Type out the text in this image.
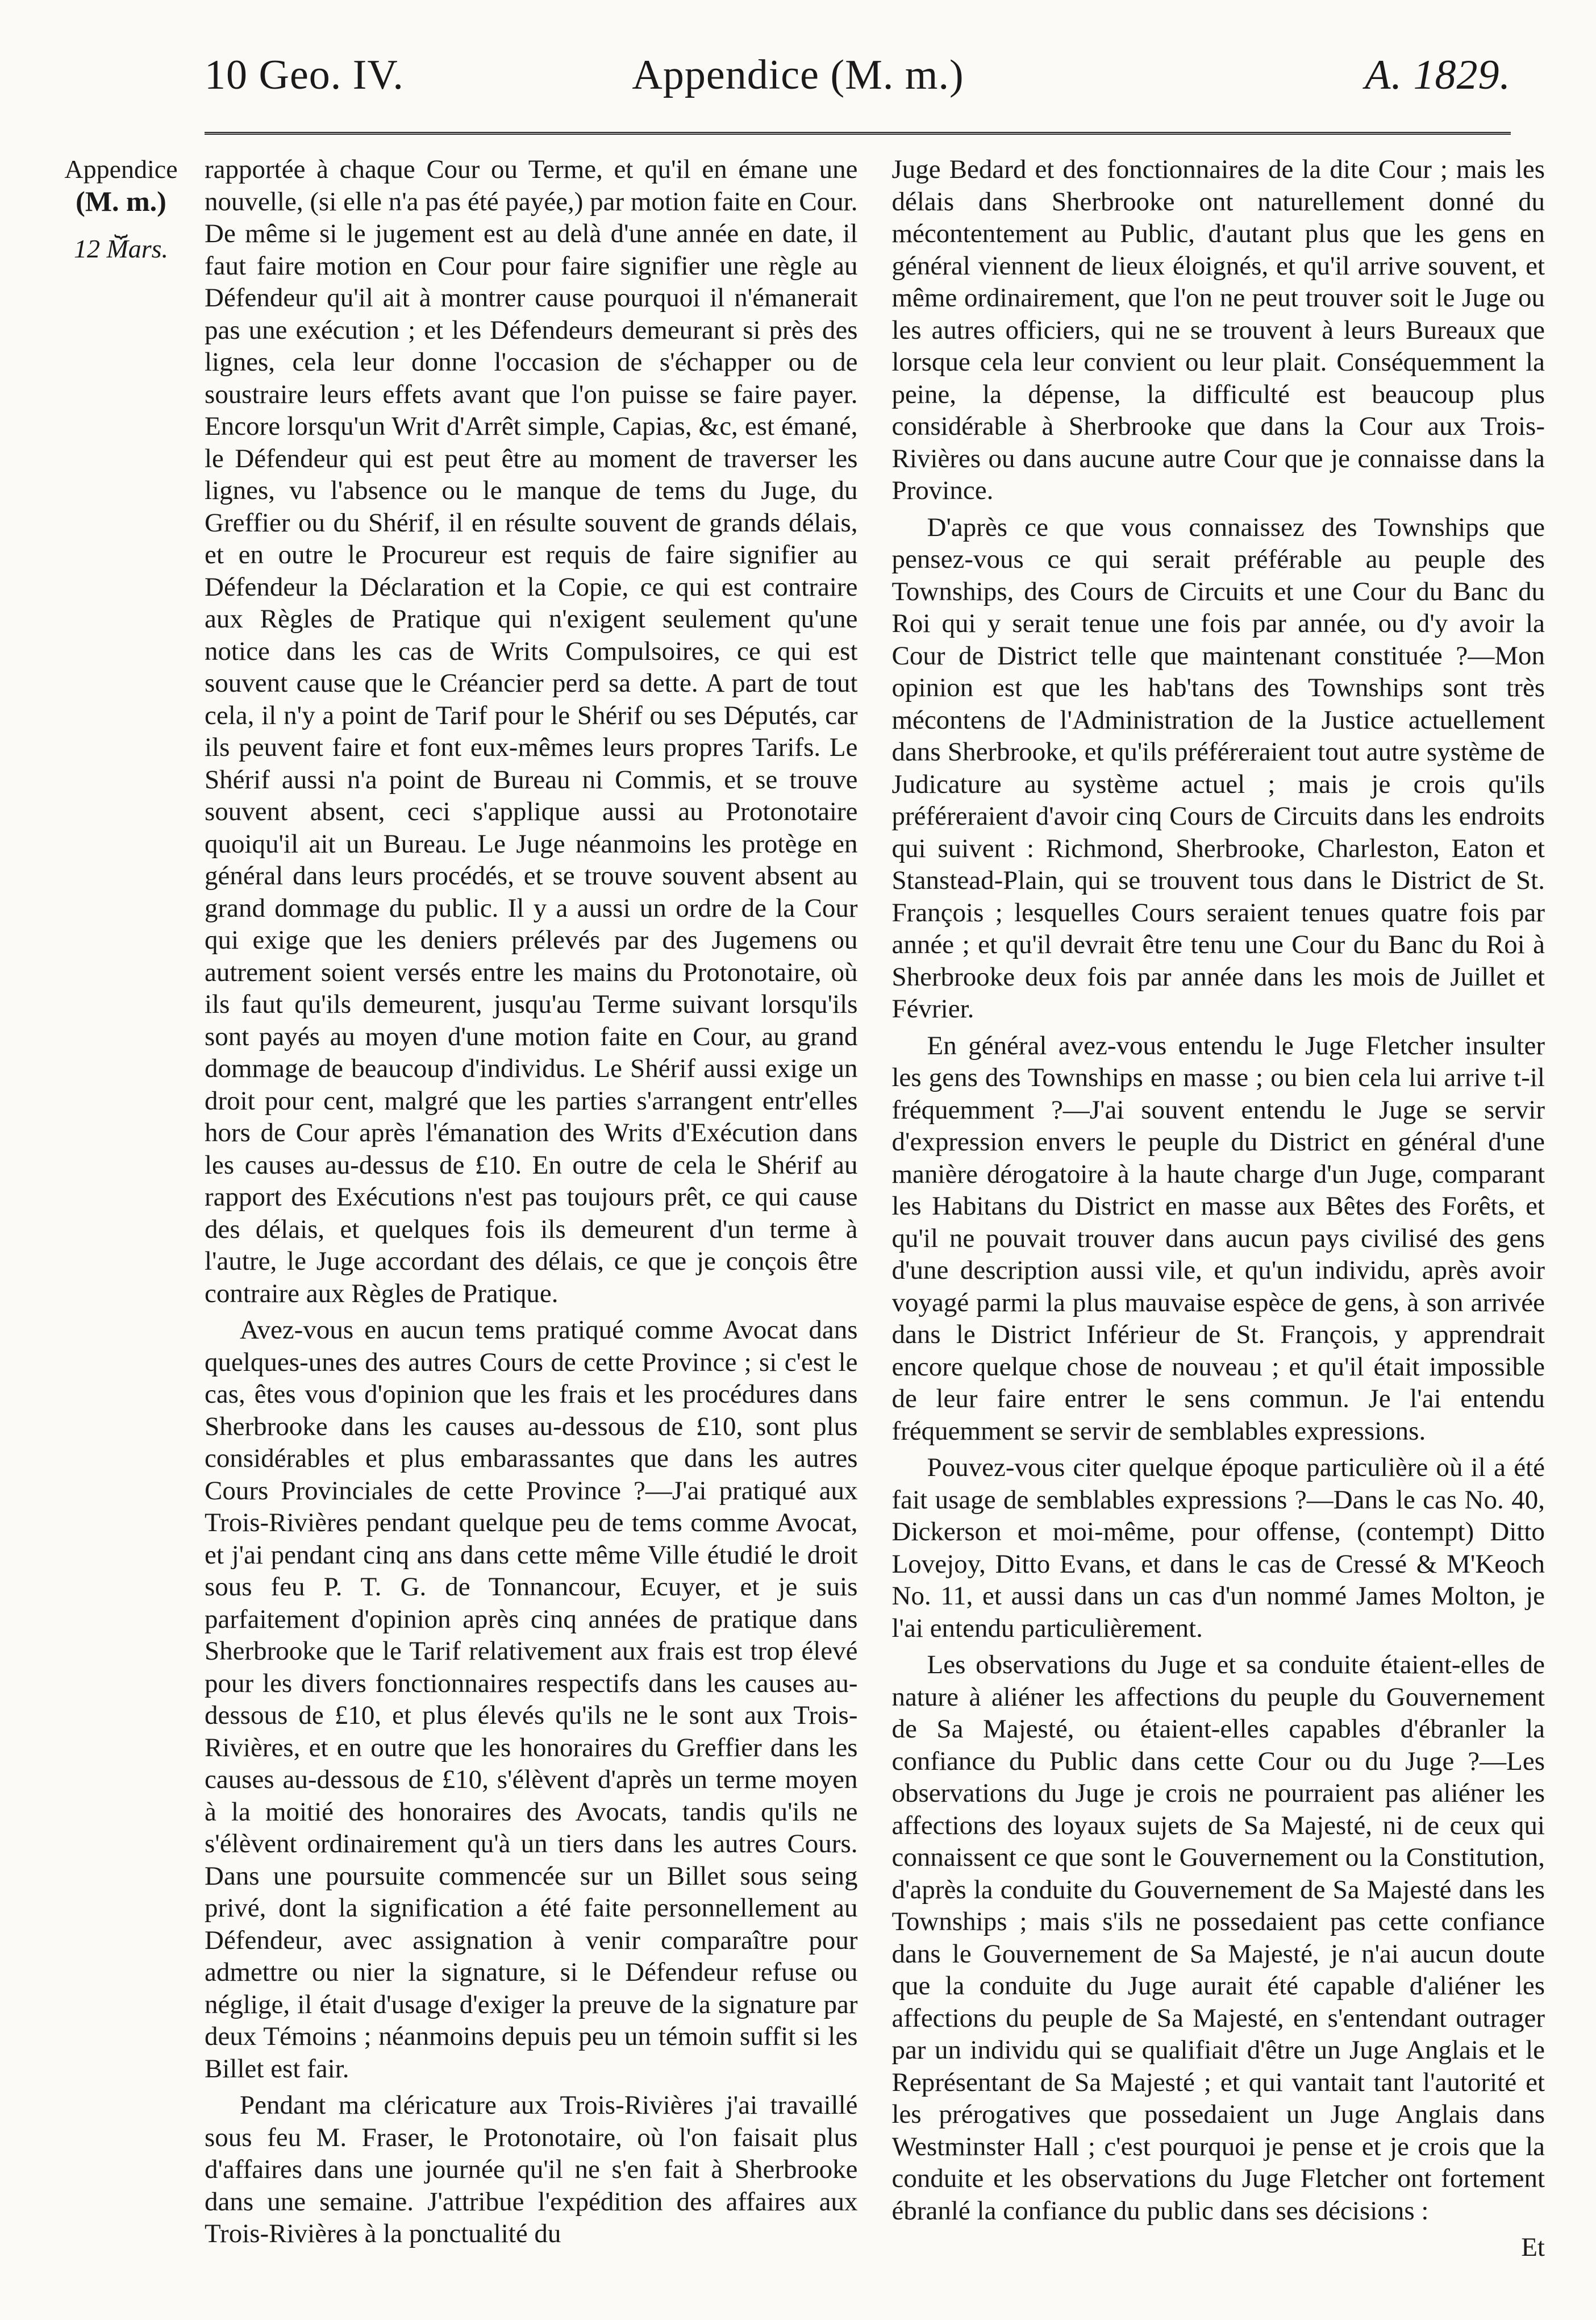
10 Geo. IV.	Appendice (M. m.)	A. 1829.
Appendice
(M. m.)
⏟
12 Mars.

rapportée à chaque Cour ou Terme, et qu'il en émane une nouvelle, (si elle n'a pas été payée,) par motion faite en Cour. De même si le jugement est au delà d'une année en date, il faut faire motion en Cour pour faire signifier une règle au Défendeur qu'il ait à montrer cause pourquoi il n'émanerait pas une exécution ; et les Défendeurs demeurant si près des lignes, cela leur donne l'occasion de s'échapper ou de soustraire leurs effets avant que l'on puisse se faire payer. Encore lorsqu'un Writ d'Arrêt simple, Capias, &c, est émané, le Défendeur qui est peut être au moment de traverser les lignes, vu l'absence ou le manque de tems du Juge, du Greffier ou du Shérif, il en résulte souvent de grands délais, et en outre le Procureur est requis de faire signifier au Défendeur la Déclaration et la Copie, ce qui est contraire aux Règles de Pratique qui n'exigent seulement qu'une notice dans les cas de Writs Compulsoires, ce qui est souvent cause que le Créancier perd sa dette. A part de tout cela, il n'y a point de Tarif pour le Shérif ou ses Députés, car ils peuvent faire et font eux-mêmes leurs propres Tarifs. Le Shérif aussi n'a point de Bureau ni Commis, et se trouve souvent absent, ceci s'applique aussi au Protonotaire quoiqu'il ait un Bureau. Le Juge néanmoins les protège en général dans leurs procédés, et se trouve souvent absent au grand dommage du public. Il y a aussi un ordre de la Cour qui exige que les deniers prélevés par des Jugemens ou autrement soient versés entre les mains du Protonotaire, où ils faut qu'ils demeurent, jusqu'au Terme suivant lorsqu'ils sont payés au moyen d'une motion faite en Cour, au grand dommage de beaucoup d'individus. Le Shérif aussi exige un droit pour cent, malgré que les parties s'arrangent entr'elles hors de Cour après l'émanation des Writs d'Exécution dans les causes au-dessus de £10. En outre de cela le Shérif au rapport des Exécutions n'est pas toujours prêt, ce qui cause des délais, et quelques fois ils demeurent d'un terme à l'autre, le Juge accordant des délais, ce que je conçois être contraire aux Règles de Pratique.

Avez-vous en aucun tems pratiqué comme Avocat dans quelques-unes des autres Cours de cette Province ; si c'est le cas, êtes vous d'opinion que les frais et les procédures dans Sherbrooke dans les causes au-dessous de £10, sont plus considérables et plus embarassantes que dans les autres Cours Provinciales de cette Province ?—J'ai pratiqué aux Trois-Rivières pendant quelque peu de tems comme Avocat, et j'ai pendant cinq ans dans cette même Ville étudié le droit sous feu P. T. G. de Tonnancour, Ecuyer, et je suis parfaitement d'opinion après cinq années de pratique dans Sherbrooke que le Tarif relativement aux frais est trop élevé pour les divers fonctionnaires respectifs dans les causes au-dessous de £10, et plus élevés qu'ils ne le sont aux Trois-Rivières, et en outre que les honoraires du Greffier dans les causes au-dessous de £10, s'élèvent d'après un terme moyen à la moitié des honoraires des Avocats, tandis qu'ils ne s'élèvent ordinairement qu'à un tiers dans les autres Cours. Dans une poursuite commencée sur un Billet sous seing privé, dont la signification a été faite personnellement au Défendeur, avec assignation à venir comparaître pour admettre ou nier la signature, si le Défendeur refuse ou néglige, il était d'usage d'exiger la preuve de la signature par deux Témoins ; néanmoins depuis peu un témoin suffit si les Billet est fair.

Pendant ma cléricature aux Trois-Rivières j'ai travaillé sous feu M. Fraser, le Protonotaire, où l'on faisait plus d'affaires dans une journée qu'il ne s'en fait à Sherbrooke dans une semaine. J'attribue l'expédition des affaires aux Trois-Rivières à la ponctualité du

Juge Bedard et des fonctionnaires de la dite Cour ; mais les délais dans Sherbrooke ont naturellement donné du mécontentement au Public, d'autant plus que les gens en général viennent de lieux éloignés, et qu'il arrive souvent, et même ordinairement, que l'on ne peut trouver soit le Juge ou les autres officiers, qui ne se trouvent à leurs Bureaux que lorsque cela leur convient ou leur plait. Conséquemment la peine, la dépense, la difficulté est beaucoup plus considérable à Sherbrooke que dans la Cour aux Trois-Rivières ou dans aucune autre Cour que je connaisse dans la Province.

D'après ce que vous connaissez des Townships que pensez-vous ce qui serait préférable au peuple des Townships, des Cours de Circuits et une Cour du Banc du Roi qui y serait tenue une fois par année, ou d'y avoir la Cour de District telle que maintenant constituée ?—Mon opinion est que les hab'tans des Townships sont très mécontens de l'Administration de la Justice actuellement dans Sherbrooke, et qu'ils préféreraient tout autre système de Judicature au système actuel ; mais je crois qu'ils préféreraient d'avoir cinq Cours de Circuits dans les endroits qui suivent : Richmond, Sherbrooke, Charleston, Eaton et Stanstead-Plain, qui se trouvent tous dans le District de St. François ; lesquelles Cours seraient tenues quatre fois par année ; et qu'il devrait être tenu une Cour du Banc du Roi à Sherbrooke deux fois par année dans les mois de Juillet et Février.

En général avez-vous entendu le Juge Fletcher insulter les gens des Townships en masse ; ou bien cela lui arrive t-il fréquemment ?—J'ai souvent entendu le Juge se servir d'expression envers le peuple du District en général d'une manière dérogatoire à la haute charge d'un Juge, comparant les Habitans du District en masse aux Bêtes des Forêts, et qu'il ne pouvait trouver dans aucun pays civilisé des gens d'une description aussi vile, et qu'un individu, après avoir voyagé parmi la plus mauvaise espèce de gens, à son arrivée dans le District Inférieur de St. François, y apprendrait encore quelque chose de nouveau ; et qu'il était impossible de leur faire entrer le sens commun. Je l'ai entendu fréquemment se servir de semblables expressions.

Pouvez-vous citer quelque époque particulière où il a été fait usage de semblables expressions ?—Dans le cas No. 40, Dickerson et moi-même, pour offense, (contempt) Ditto Lovejoy, Ditto Evans, et dans le cas de Cressé & M'Keoch No. 11, et aussi dans un cas d'un nommé James Molton, je l'ai entendu particulièrement.

Les observations du Juge et sa conduite étaient-elles de nature à aliéner les affections du peuple du Gouvernement de Sa Majesté, ou étaient-elles capables d'ébranler la confiance du Public dans cette Cour ou du Juge ?—Les observations du Juge je crois ne pourraient pas aliéner les affections des loyaux sujets de Sa Majesté, ni de ceux qui connaissent ce que sont le Gouvernement ou la Constitution, d'après la conduite du Gouvernement de Sa Majesté dans les Townships ; mais s'ils ne possedaient pas cette confiance dans le Gouvernement de Sa Majesté, je n'ai aucun doute que la conduite du Juge aurait été capable d'aliéner les affections du peuple de Sa Majesté, en s'entendant outrager par un individu qui se qualifiait d'être un Juge Anglais et le Représentant de Sa Majesté ; et qui vantait tant l'autorité et les prérogatives que possedaient un Juge Anglais dans Westminster Hall ; c'est pourquoi je pense et je crois que la conduite et les observations du Juge Fletcher ont fortement ébranlé la confiance du public dans ses décisions :

Et
